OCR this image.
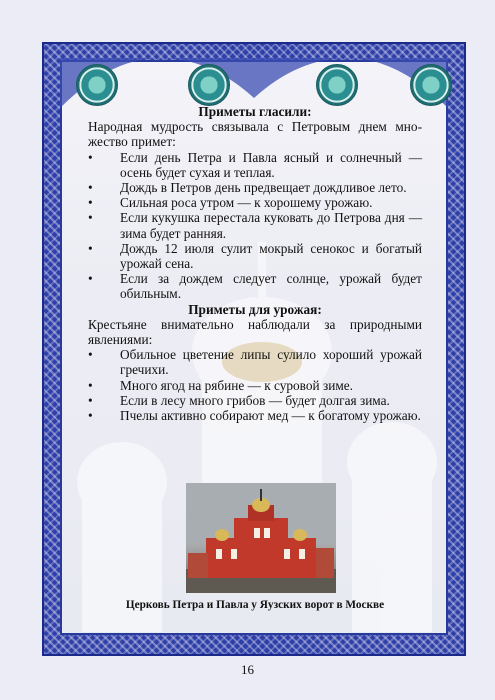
Приметы гласили:

Народная мудрость связывала с Петровым днем множество примет:

• Если день Петра и Павла ясный и солнечный — осень будет сухая и теплая.
• Дождь в Петров день предвещает дождливое лето.
• Сильная роса утром — к хорошему урожаю.
• Если кукушка перестала куковать до Петрова дня — зима будет ранняя.
• Дождь 12 июля сулит мокрый сенокос и богатый урожай сена.
• Если за дождем следует солнце, урожай будет обильным.

Приметы для урожая:

Крестьяне внимательно наблюдали за природными явлениями:

• Обильное цветение липы сулило хороший урожай гречихи.
• Много ягод на рябине — к суровой зиме.
• Если в лесу много грибов — будет долгая зима.
• Пчелы активно собирают мед — к богатому урожаю.
Церковь Петра и Павла у Яузских ворот в Москве
16
